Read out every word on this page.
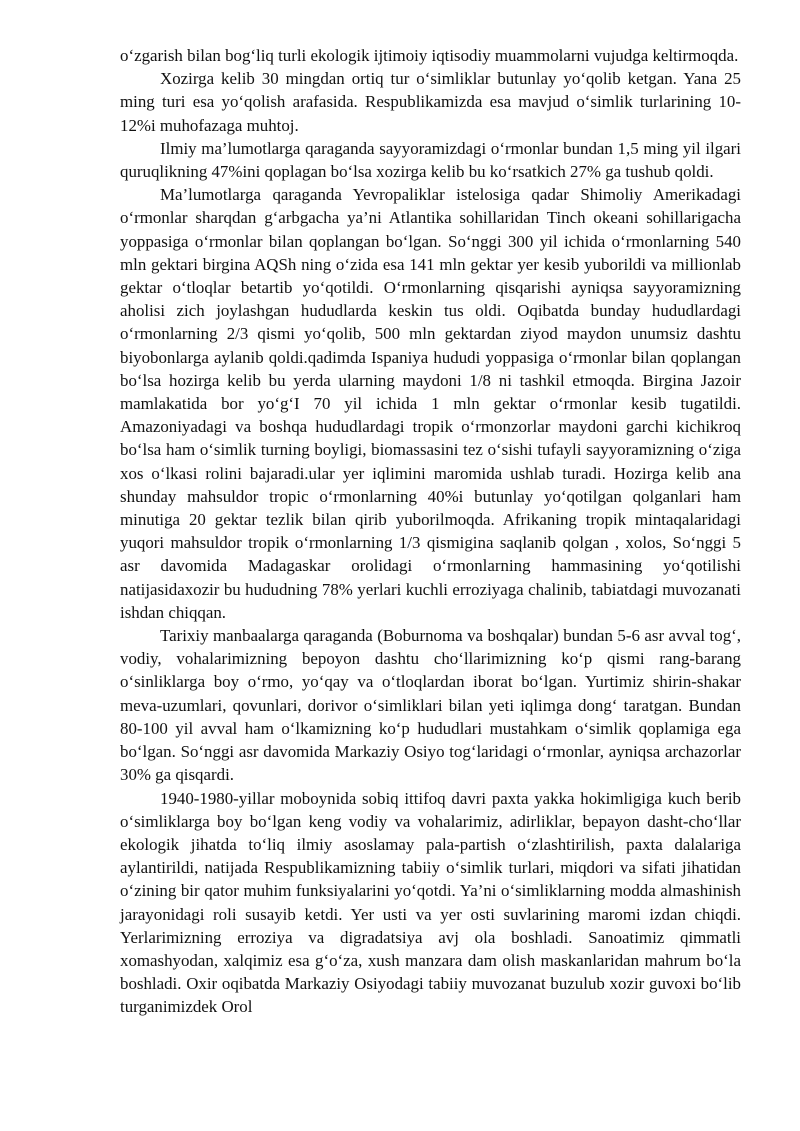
o‘zgarish bilan bog‘liq turli ekologik ijtimoiy iqtisodiy muammolarni vujudga keltirmoqda.

Xozirga kelib 30 mingdan ortiq tur o‘simliklar butunlay yo‘qolib ketgan. Yana 25 ming turi esa yo‘qolish arafasida. Respublikamizda esa mavjud o‘simlik turlarining 10-12%i muhofazaga muhtoj.

Ilmiy ma’lumotlarga qaraganda sayyoramizdagi o‘rmonlar bundan 1,5 ming yil ilgari quruqlikning 47%ini qoplagan bo‘lsa xozirga kelib bu ko‘rsatkich 27% ga tushub qoldi.

Ma’lumotlarga qaraganda Yevropaliklar istelosiga qadar Shimoliy Amerikadagi o‘rmonlar sharqdan g‘arbgacha ya’ni Atlantika sohillaridan Tinch okeani sohillarigacha yoppasiga o‘rmonlar bilan qoplangan bo‘lgan. So‘nggi 300 yil ichida o‘rmonlarning 540 mln gektari birgina AQSh ning o‘zida esa 141 mln gektar yer kesib yuborildi va millionlab gektar o‘tloqlar betartib yo‘qotildi. O‘rmonlarning qisqarishi ayniqsa sayyoramizning aholisi zich joylashgan hududlarda keskin tus oldi. Oqibatda bunday hududlardagi o‘rmonlarning 2/3 qismi yo‘qolib, 500 mln gektardan ziyod maydon unumsiz dashtu biyobonlarga aylanib qoldi.qadimda Ispaniya hududi yoppasiga o‘rmonlar bilan qoplangan bo‘lsa hozirga kelib bu yerda ularning maydoni 1/8 ni tashkil etmoqda. Birgina Jazoir mamlakatida bor yo‘g‘I 70 yil ichida 1 mln gektar o‘rmonlar kesib tugatildi. Amazoniyadagi va boshqa hududlardagi tropik o‘rmonzorlar maydoni garchi kichikroq bo‘lsa ham o‘simlik turning boyligi, biomassasini tez o‘sishi tufayli sayyoramizning o‘ziga xos o‘lkasi rolini bajaradi.ular yer iqlimini maromida ushlab turadi. Hozirga kelib ana shunday mahsuldor tropic o‘rmonlarning 40%i butunlay yo‘qotilgan qolganlari ham minutiga 20 gektar tezlik bilan qirib yuborilmoqda. Afrikaning tropik mintaqalaridagi yuqori mahsuldor tropik o‘rmonlarning 1/3 qismigina saqlanib qolgan , xolos, So‘nggi 5 asr davomida Madagaskar orolidagi o‘rmonlarning hammasining yo‘qotilishi natijasidaxozir bu hududning 78% yerlari kuchli erroziyaga chalinib, tabiatdagi muvozanati ishdan chiqqan.

Tarixiy manbaalarga qaraganda (Boburnoma va boshqalar) bundan 5-6 asr avval tog‘, vodiy, vohalarimizning bepoyon dashtu cho‘llarimizning ko‘p qismi rang-barang o‘sinliklarga boy o‘rmo, yo‘qay va o‘tloqlardan iborat bo‘lgan. Yurtimiz shirin-shakar meva-uzumlari, qovunlari, dorivor o‘simliklari bilan yeti iqlimga dong‘ taratgan. Bundan 80-100 yil avval ham o‘lkamizning ko‘p hududlari mustahkam o‘simlik qoplamiga ega bo‘lgan. So‘nggi asr davomida Markaziy Osiyo tog‘laridagi o‘rmonlar, ayniqsa archazorlar 30% ga qisqardi.

1940-1980-yillar moboynida sobiq ittifoq davri paxta yakka hokimligiga kuch berib o‘simliklarga boy bo‘lgan keng vodiy va vohalarimiz, adirliklar, bepayon dasht-cho‘llar ekologik jihatda to‘liq ilmiy asoslamay pala-partish o‘zlashtirilish, paxta dalalariga aylantirildi, natijada Respublikamizning tabiiy o‘simlik turlari, miqdori va sifati jihatidan o‘zining bir qator muhim funksiyalarini yo‘qotdi. Ya’ni o‘simliklarning modda almashinish jarayonidagi roli susayib ketdi. Yer usti va yer osti suvlarining maromi izdan chiqdi. Yerlarimizning erroziya va digradatsiya avj ola boshladi. Sanoatimiz qimmatli xomashyodan, xalqimiz esa g‘o‘za, xush manzara dam olish maskanlaridan mahrum bo‘la boshladi. Oxir oqibatda Markaziy Osiyodagi tabiiy muvozanat buzulub xozir guvoxi bo‘lib turganimizdek Orol
